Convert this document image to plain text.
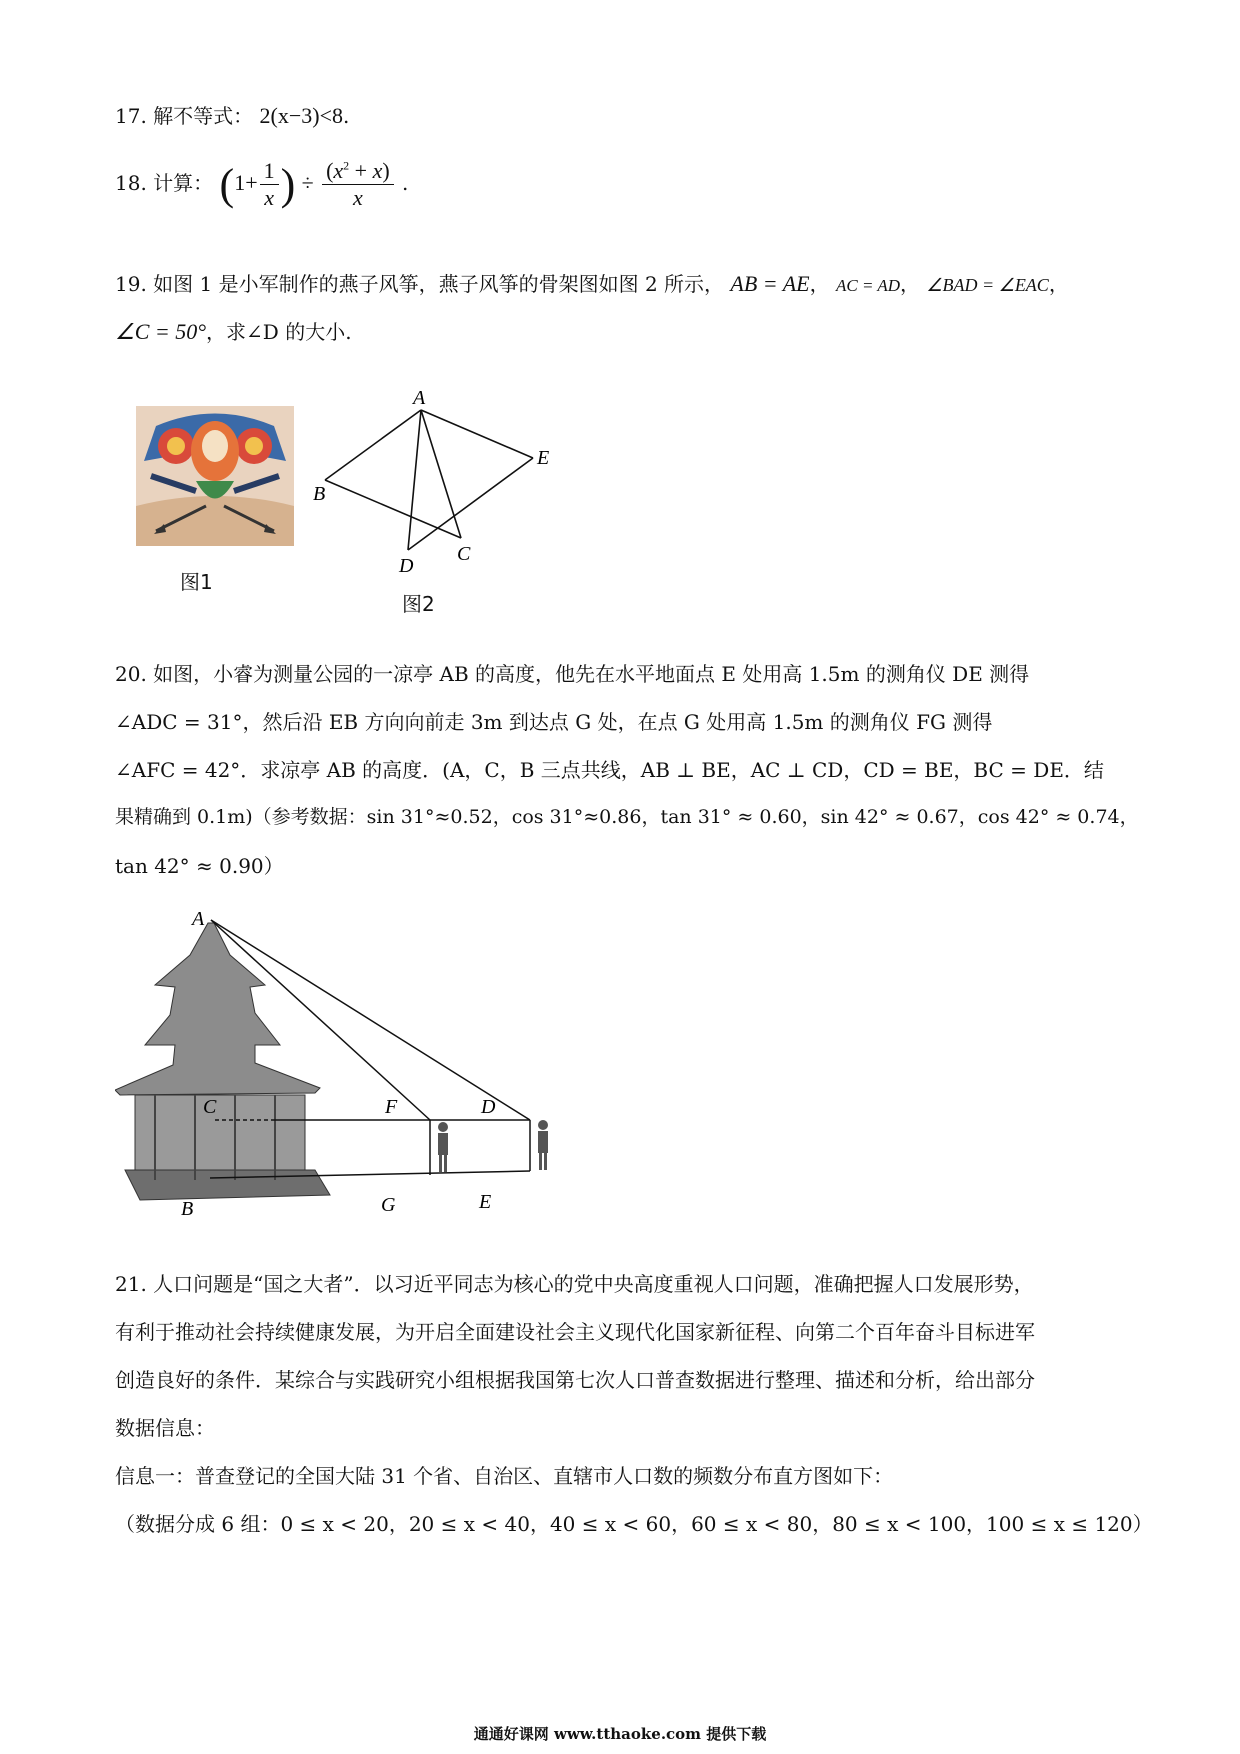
17. 解不等式： 2(x−3)<8.
18. 计算： ($1+ \frac{1}{x}$ ) ÷ $\frac{(x^2 + x)}{x}$ .
19. 如图 1 是小军制作的燕子风筝，燕子风筝的骨架图如图 2 所示， AB = AE， AC = AD， ∠BAD = ∠EAC，
∠C = 50°，求∠D 的大小.
图1
A
B
C
D
E
图2
20. 如图，小睿为测量公园的一凉亭 AB 的高度，他先在水平地面点 E 处用高 1.5m 的测角仪 DE 测得
∠ADC = 31°，然后沿 EB 方向向前走 3m 到达点 G 处，在点 G 处用高 1.5m 的测角仪 FG 测得
∠AFC = 42°．求凉亭 AB 的高度．(A，C，B 三点共线，AB ⊥ BE，AC ⊥ CD，CD = BE，BC = DE．结
果精确到 0.1m)（参考数据：sin 31°≈0.52，cos 31°≈0.86，tan 31° ≈ 0.60，sin 42° ≈ 0.67，cos 42° ≈ 0.74，
tan 42° ≈ 0.90）
A
C	F	D
B	G	E
21. 人口问题是“国之大者”．以习近平同志为核心的党中央高度重视人口问题，准确把握人口发展形势，
有利于推动社会持续健康发展，为开启全面建设社会主义现代化国家新征程、向第二个百年奋斗目标进军
创造良好的条件．某综合与实践研究小组根据我国第七次人口普查数据进行整理、描述和分析，给出部分
数据信息：
信息一：普查登记的全国大陆 31 个省、自治区、直辖市人口数的频数分布直方图如下：
（数据分成 6 组：0 ≤ x < 20，20 ≤ x < 40，40 ≤ x < 60，60 ≤ x < 80，80 ≤ x < 100，100 ≤ x ≤ 120）
通通好课网 www.tthaoke.com 提供下载
